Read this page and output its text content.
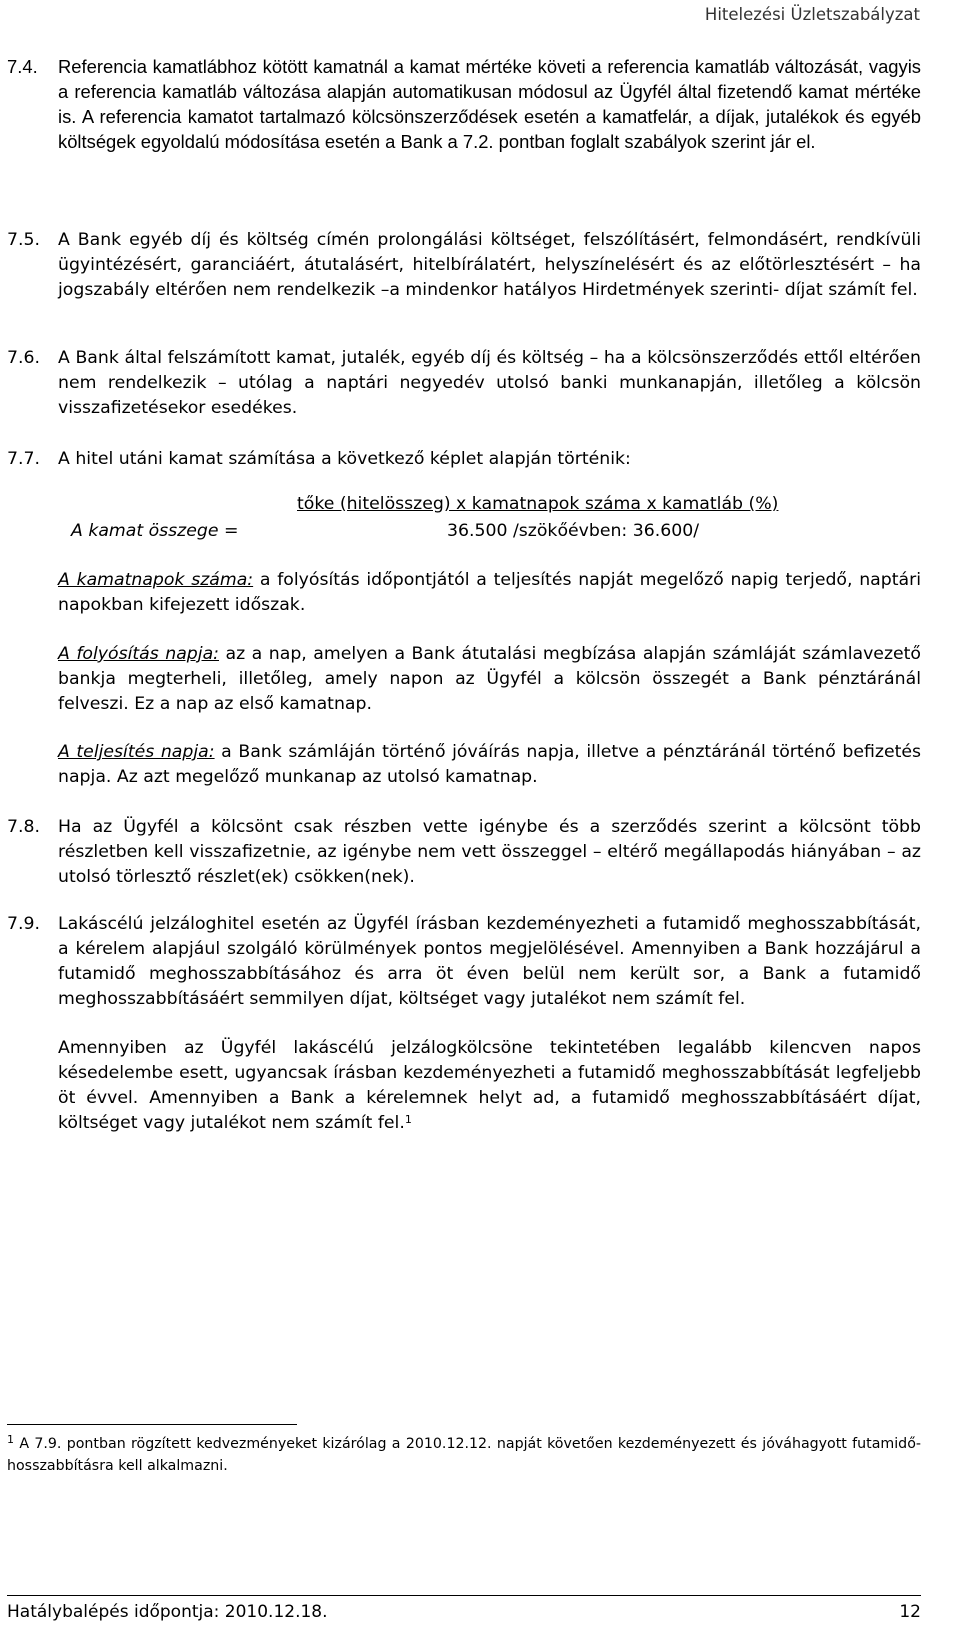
Hitelezési Üzletszabályzat
7.4.	Referencia kamatlábhoz kötött kamatnál a kamat mértéke követi a referencia kamatláb változását, vagyis a referencia kamatláb változása alapján automatikusan módosul az Ügyfél által fizetendő kamat mértéke is. A referencia kamatot tartalmazó kölcsönszerződések esetén a kamatfelár, a díjak, jutalékok és egyéb költségek egyoldalú módosítása esetén a Bank a 7.2. pontban foglalt szabályok szerint jár el.
7.5.	A Bank egyéb díj és költség címén prolongálási költséget, felszólításért, felmondásért, rendkívüli ügyintézésért, garanciáért, átutalásért, hitelbírálatért, helyszínelésért és az előtörlesztésért – ha jogszabály eltérően nem rendelkezik –a mindenkor hatályos Hirdetmények szerinti- díjat számít fel.
7.6.	A Bank által felszámított kamat, jutalék, egyéb díj és költség – ha a kölcsönszerződés ettől eltérően nem rendelkezik – utólag a naptári negyedév utolsó banki munkanapján, illetőleg a kölcsön visszafizetésekor esedékes.
7.7.	A hitel utáni kamat számítása a következő képlet alapján történik:
tőke (hitelösszeg) x kamatnapok száma x kamatláb (%)
A kamat összege =	36.500 /szökőévben: 36.600/
A kamatnapok száma: a folyósítás időpontjától a teljesítés napját megelőző napig terjedő, naptári napokban kifejezett időszak.
A folyósítás napja: az a nap, amelyen a Bank átutalási megbízása alapján számláját számlavezető bankja megterheli, illetőleg, amely napon az Ügyfél a kölcsön összegét a Bank pénztáránál felveszi. Ez a nap az első kamatnap.
A teljesítés napja: a Bank számláján történő jóváírás napja, illetve a pénztáránál történő befizetés napja. Az azt megelőző munkanap az utolsó kamatnap.
7.8.	Ha az Ügyfél a kölcsönt csak részben vette igénybe és a szerződés szerint a kölcsönt több részletben kell visszafizetnie, az igénybe nem vett összeggel – eltérő megállapodás hiányában – az utolsó törlesztő részlet(ek) csökken(nek).
7.9.	Lakáscélú jelzáloghitel esetén az Ügyfél írásban kezdeményezheti a futamidő meghosszabbítását, a kérelem alapjául szolgáló körülmények pontos megjelölésével. Amennyiben a Bank hozzájárul a futamidő meghosszabbításához és arra öt éven belül nem került sor, a Bank a futamidő meghosszabbításáért semmilyen díjat, költséget vagy jutalékot nem számít fel.
Amennyiben az Ügyfél lakáscélú jelzálogkölcsöne tekintetében legalább kilencven napos késedelembe esett, ugyancsak írásban kezdeményezheti a futamidő meghosszabbítását legfeljebb öt évvel. Amennyiben a Bank a kérelemnek helyt ad, a futamidő meghosszabbításáért díjat, költséget vagy jutalékot nem számít fel.$^1$
$^1$ A 7.9. pontban rögzített kedvezményeket kizárólag a 2010.12.12. napját követően kezdeményezett és jóváhagyott futamidő-hosszabbításra kell alkalmazni.
Hatálybalépés időpontja: 2010.12.18.	12
